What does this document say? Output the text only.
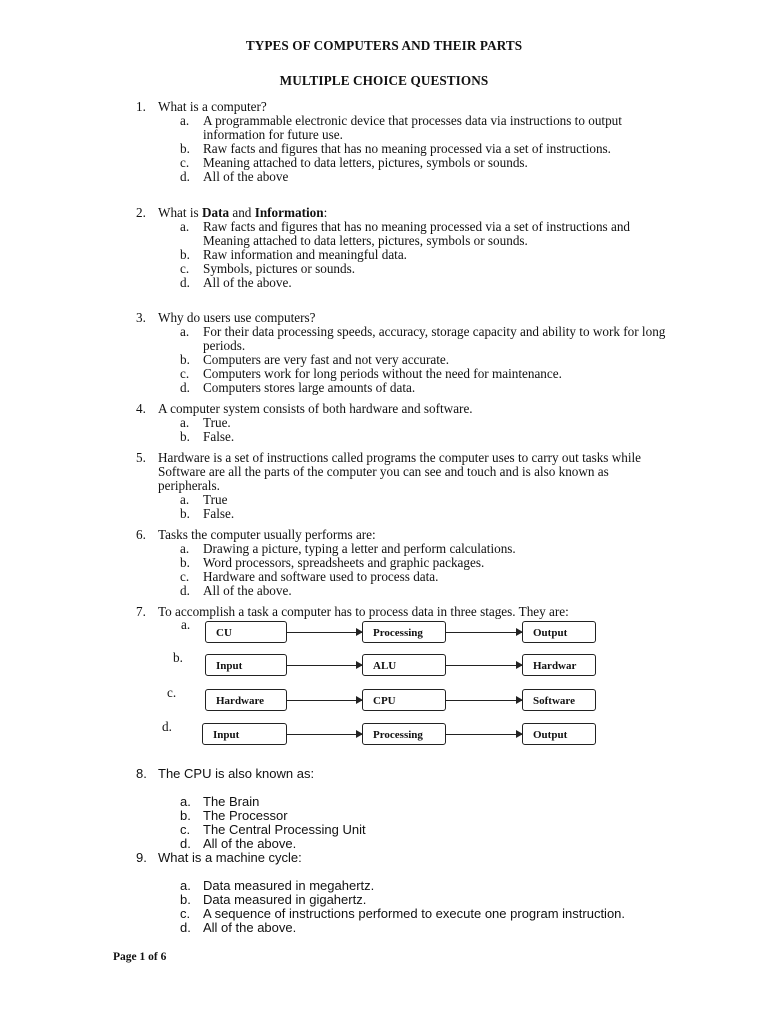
TYPES OF COMPUTERS AND THEIR PARTS
MULTIPLE CHOICE QUESTIONS
1. What is a computer?
a. A programmable electronic device that processes data via instructions to output information for future use.
b. Raw facts and figures that has no meaning processed via a set of instructions.
c. Meaning attached to data letters, pictures, symbols or sounds.
d. All of the above
2. What is Data and Information:
a. Raw facts and figures that has no meaning processed via a set of instructions and Meaning attached to data letters, pictures, symbols or sounds.
b. Raw information and meaningful data.
c. Symbols, pictures or sounds.
d. All of the above.
3. Why do users use computers?
a. For their data processing speeds, accuracy, storage capacity and ability to work for long periods.
b. Computers are very fast and not very accurate.
c. Computers work for long periods without the need for maintenance.
d. Computers stores large amounts of data.
4. A computer system consists of both hardware and software.
a. True.
b. False.
5. Hardware is a set of instructions called programs the computer uses to carry out tasks while Software are all the parts of the computer you can see and touch and is also known as peripherals.
a. True
b. False.
6. Tasks the computer usually performs are:
a. Drawing a picture, typing a letter and perform calculations.
b. Word processors, spreadsheets and graphic packages.
c. Hardware and software used to process data.
d. All of the above.
7. To accomplish a task a computer has to process data in three stages. They are:
a.
CU	Processing	Output
b.
Input	ALU	Hardwar
c.
Hardware	CPU	Software
d.
Input	Processing	Output
8. The CPU is also known as:
a. The Brain
b. The Processor
c. The Central Processing Unit
d. All of the above.
9. What is a machine cycle:
a. Data measured in megahertz.
b. Data measured in gigahertz.
c. A sequence of instructions performed to execute one program instruction.
d. All of the above.
Page 1 of 6
